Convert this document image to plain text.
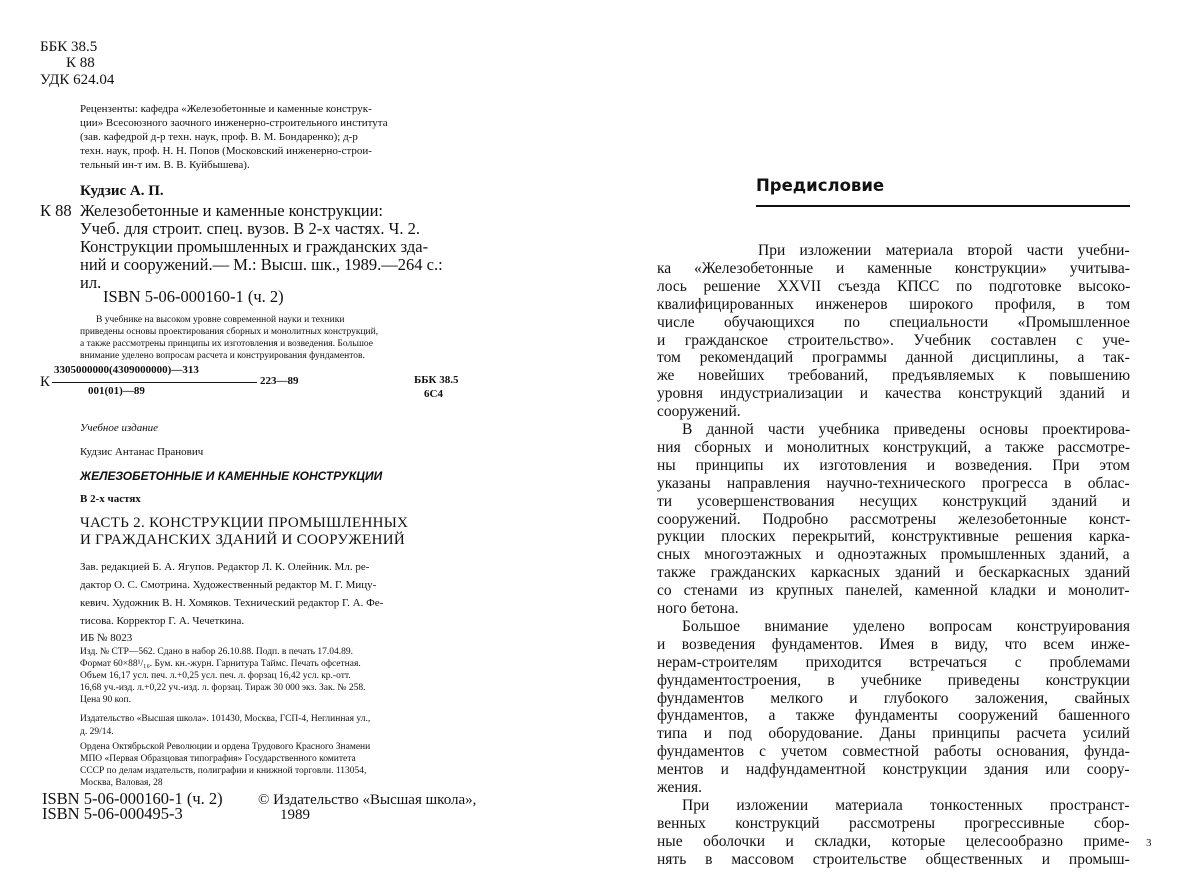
ББК 38.5
К 88
УДК 624.04
Рецензенты: кафедра «Железобетонные и каменные конструк-
ции» Всесоюзного заочного инженерно-строительного института
(зав. кафедрой д-р техн. наук, проф. В. М. Бондаренко); д-р
техн. наук, проф. Н. Н. Попов (Московский инженерно-строи-
тельный ин-т им. В. В. Куйбышева).
Кудзис А. П.
К 88 Железобетонные и каменные конструкции:
Учеб. для строит. спец. вузов. В 2-х частях. Ч. 2.
Конструкции промышленных и гражданских зда-
ний и сооружений.— М.: Высш. шк., 1989.—264 с.:
ил.
ISBN 5-06-000160-1 (ч. 2)
В учебнике на высоком уровне современной науки и техники
приведены основы проектирования сборных и монолитных конструкций,
а также рассмотрены принципы их изготовления и возведения. Большое
внимание уделено вопросам расчета и конструирования фундаментов.
К
3305000000(4309000000)—313
001(01)—89
223—89	ББК 38.5
6С4
Учебное издание
Кудзис Антанас Пранович
ЖЕЛЕЗОБЕТОННЫЕ И КАМЕННЫЕ КОНСТРУКЦИИ
В 2-х частях
ЧАСТЬ 2. КОНСТРУКЦИИ ПРОМЫШЛЕННЫХ
И ГРАЖДАНСКИХ ЗДАНИЙ И СООРУЖЕНИЙ
Зав. редакцией Б. А. Ягупов. Редактор Л. К. Олейник. Мл. ре-
дактор О. С. Смотрина. Художественный редактор М. Г. Мицу-
кевич. Художник В. Н. Хомяков. Технический редактор Г. А. Фе-
тисова. Корректор Г. А. Чечеткина.
ИБ № 8023
Изд. № СТР—562. Сдано в набор 26.10.88. Подп. в печать 17.04.89.
Формат 60×88¹/₁₆. Бум. кн.-журн. Гарнитура Таймс. Печать офсетная.
Объем 16,17 усл. печ. л.+0,25 усл. печ. л. форзац 16,42 усл. кр.-отт.
16,68 уч.-изд. л.+0,22 уч.-изд. л. форзац. Тираж 30 000 экз. Зак. № 258.
Цена 90 коп.
Издательство «Высшая школа». 101430, Москва, ГСП-4, Неглинная ул.,
д. 29/14.
Ордена Октябрьской Революции и ордена Трудового Красного Знамени
МПО «Первая Образцовая типография» Государственного комитета
СССР по делам издательств, полиграфии и книжной торговли. 113054,
Москва, Валовая, 28
ISBN 5-06-000160-1 (ч. 2)
ISBN 5-06-000495-3
© Издательство «Высшая школа»,
1989
Предисловие
При изложении материала второй части учебни-
ка «Железобетонные и каменные конструкции» учитыва-
лось решение XXVII съезда КПСС по подготовке высоко-
квалифицированных инженеров широкого профиля, в том
числе обучающихся по специальности «Промышленное
и гражданское строительство». Учебник составлен с уче-
том рекомендаций программы данной дисциплины, а так-
же новейших требований, предъявляемых к повышению
уровня индустриализации и качества конструкций зданий и
сооружений.
В данной части учебника приведены основы проектирова-
ния сборных и монолитных конструкций, а также рассмотре-
ны принципы их изготовления и возведения. При этом
указаны направления научно-технического прогресса в облас-
ти усовершенствования несущих конструкций зданий и
сооружений. Подробно рассмотрены железобетонные конст-
рукции плоских перекрытий, конструктивные решения карка-
сных многоэтажных и одноэтажных промышленных зданий, а
также гражданских каркасных зданий и бескаркасных зданий
со стенами из крупных панелей, каменной кладки и монолит-
ного бетона.
Большое внимание уделено вопросам конструирования
и возведения фундаментов. Имея в виду, что всем инже-
нерам-строителям приходится встречаться с проблемами
фундаментостроения, в учебнике приведены конструкции
фундаментов мелкого и глубокого заложения, свайных
фундаментов, а также фундаменты сооружений башенного
типа и под оборудование. Даны принципы расчета усилий
фундаментов с учетом совместной работы основания, фунда-
ментов и надфундаментной конструкции здания или соору-
жения.
При изложении материала тонкостенных пространст-
венных конструкций рассмотрены прогрессивные сбор-
ные оболочки и складки, которые целесообразно приме-
нять в массовом строительстве общественных и промыш-
3
